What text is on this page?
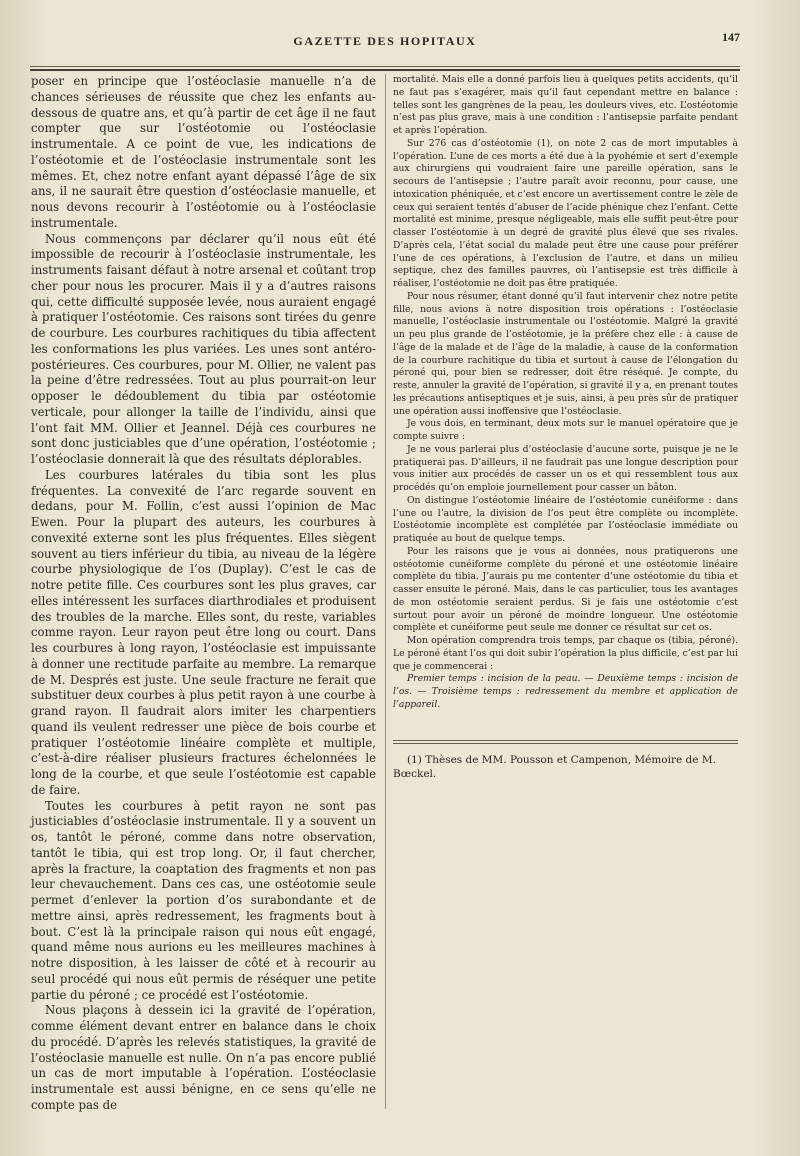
GAZETTE DES HOPITAUX	147

poser en principe que l’ostéoclasie manuelle n’a de chances sérieuses de réussite que chez les enfants au-dessous de quatre ans, et qu’à partir de cet âge il ne faut compter que sur l’ostéotomie ou l’ostéoclasie instrumentale. A ce point de vue, les indications de l’ostéotomie et de l’ostéoclasie instrumentale sont les mêmes. Et, chez notre enfant ayant dépassé l’âge de six ans, il ne saurait être question d’ostéoclasie manuelle, et nous devons recourir à l’ostéotomie ou à l’ostéoclasie instrumentale.

Nous commençons par déclarer qu’il nous eût été impossible de recourir à l’ostéoclasie instrumentale, les instruments faisant défaut à notre arsenal et coûtant trop cher pour nous les procurer. Mais il y a d’autres raisons qui, cette difficulté supposée levée, nous auraient engagé à pratiquer l’ostéotomie. Ces raisons sont tirées du genre de courbure. Les courbures rachitiques du tibia affectent les conformations les plus variées. Les unes sont antéro-postérieures. Ces courbures, pour M. Ollier, ne valent pas la peine d’être redressées. Tout au plus pourrait-on leur opposer le dédoublement du tibia par ostéotomie verticale, pour allonger la taille de l’individu, ainsi que l’ont fait MM. Ollier et Jeannel. Déjà ces courbures ne sont donc justiciables que d’une opération, l’ostéotomie ; l’ostéoclasie donnerait là que des résultats déplorables.

Les courbures latérales du tibia sont les plus fréquentes. La convexité de l’arc regarde souvent en dedans, pour M. Follin, c’est aussi l’opinion de Mac Ewen. Pour la plupart des auteurs, les courbures à convexité externe sont les plus fréquentes. Elles siègent souvent au tiers inférieur du tibia, au niveau de la légère courbe physiologique de l’os (Duplay). C’est le cas de notre petite fille. Ces courbures sont les plus graves, car elles intéressent les surfaces diarthrodiales et produisent des troubles de la marche. Elles sont, du reste, variables comme rayon. Leur rayon peut être long ou court. Dans les courbures à long rayon, l’ostéoclasie est impuissante à donner une rectitude parfaite au membre. La remarque de M. Després est juste. Une seule fracture ne ferait que substituer deux courbes à plus petit rayon à une courbe à grand rayon. Il faudrait alors imiter les charpentiers quand ils veulent redresser une pièce de bois courbe et pratiquer l’ostéotomie linéaire complète et multiple, c’est-à-dire réaliser plusieurs fractures échelonnées le long de la courbe, et que seule l’ostéotomie est capable de faire.

Toutes les courbures à petit rayon ne sont pas justiciables d’ostéoclasie instrumentale. Il y a souvent un os, tantôt le péroné, comme dans notre observation, tantôt le tibia, qui est trop long. Or, il faut chercher, après la fracture, la coaptation des fragments et non pas leur chevauchement. Dans ces cas, une ostéotomie seule permet d’enlever la portion d’os surabondante et de mettre ainsi, après redressement, les fragments bout à bout. C’est là la principale raison qui nous eût engagé, quand même nous aurions eu les meilleures machines à notre disposition, à les laisser de côté et à recourir au seul procédé qui nous eût permis de réséquer une petite partie du péroné ; ce procédé est l’ostéotomie.

Nous plaçons à dessein ici la gravité de l’opération, comme élément devant entrer en balance dans le choix du procédé. D’après les relevés statistiques, la gravité de l’ostéoclasie manuelle est nulle. On n’a pas encore publié un cas de mort imputable à l’opération. L’ostéoclasie instrumentale est aussi bénigne, en ce sens qu’elle ne compte pas de

mortalité. Mais elle a donné parfois lieu à quelques petits accidents, qu’il ne faut pas s’exagérer, mais qu’il faut cependant mettre en balance : telles sont les gangrènes de la peau, les douleurs vives, etc. L’ostéotomie n’est pas plus grave, mais à une condition : l’antisepsie parfaite pendant et après l’opération.

Sur 276 cas d’ostéotomie (1), on note 2 cas de mort imputables à l’opération. L’une de ces morts a été due à la pyohémie et sert d’exemple aux chirurgiens qui voudraient faire une pareille opération, sans le secours de l’antisepsie ; l’autre paraît avoir reconnu, pour cause, une intoxication phéniquée, et c’est encore un avertissement contre le zèle de ceux qui seraient tentés d’abuser de l’acide phénique chez l’enfant. Cette mortalité est minime, presque négligeable, mais elle suffit peut-être pour classer l’ostéotomie à un degré de gravité plus élevé que ses rivales. D’après cela, l’état social du malade peut être une cause pour préférer l’une de ces opérations, à l’exclusion de l’autre, et dans un milieu septique, chez des familles pauvres, où l’antisepsie est très difficile à réaliser, l’ostéotomie ne doit pas être pratiquée.

Pour nous résumer, étant donné qu’il faut intervenir chez notre petite fille, nous avions à notre disposition trois opérations : l’ostéoclasie manuelle, l’ostéoclasie instrumentale ou l’ostéotomie. Malgré la gravité un peu plus grande de l’ostéotomie, je la préfère chez elle : à cause de l’âge de la malade et de l’âge de la maladie, à cause de la conformation de la courbure rachitique du tibia et surtout à cause de l’élongation du péroné qui, pour bien se redresser, doit être réséqué. Je compte, du reste, annuler la gravité de l’opération, si gravité il y a, en prenant toutes les précautions antiseptiques et je suis, ainsi, à peu près sûr de pratiquer une opération aussi inoffensive que l’ostéoclasie.

Je vous dois, en terminant, deux mots sur le manuel opératoire que je compte suivre :

Je ne vous parlerai plus d’ostéoclasie d’aucune sorte, puisque je ne le pratiquerai pas. D’ailleurs, il ne faudrait pas une longue description pour vous initier aux procédés de casser un os et qui ressemblent tous aux procédés qu’on emploie journellement pour casser un bâton.

On distingue l’ostéotomie linéaire de l’ostéotomie cunéiforme : dans l’une ou l’autre, la division de l’os peut être complète ou incomplète. L’ostéotomie incomplète est complétée par l’ostéoclasie immédiate ou pratiquée au bout de quelque temps.

Pour les raisons que je vous ai données, nous pratiquerons une ostéotomie cunéiforme complète du péroné et une ostéotomie linéaire complète du tibia. J’aurais pu me contenter d’une ostéotomie du tibia et casser ensuite le péroné. Mais, dans le cas particulier, tous les avantages de mon ostéotomie seraient perdus. Si je fais une ostéotomie c’est surtout pour avoir un péroné de moindre longueur. Une ostéotomie complète et cunéiforme peut seule me donner ce résultat sur cet os.

Mon opération comprendra trois temps, par chaque os (tibia, péroné). Le péroné étant l’os qui doit subir l’opération la plus difficile, c’est par lui que je commencerai :

Premier temps : incision de la peau. — Deuxième temps : incision de l’os. — Troisième temps : redressement du membre et application de l’appareil.

(1) Thèses de MM. Pousson et Campenon, Mémoire de M. Bœckel.
